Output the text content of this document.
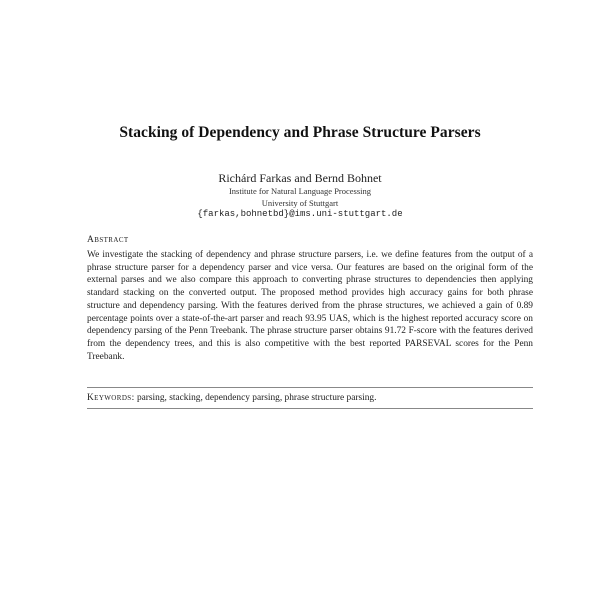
Stacking of Dependency and Phrase Structure Parsers
Richárd Farkas and Bernd Bohnet
Institute for Natural Language Processing
University of Stuttgart
{farkas,bohnetbd}@ims.uni-stuttgart.de
Abstract

We investigate the stacking of dependency and phrase structure parsers, i.e. we define features from the output of a phrase structure parser for a dependency parser and vice versa. Our features are based on the original form of the external parses and we also compare this approach to converting phrase structures to dependencies then applying standard stacking on the converted output. The proposed method provides high accuracy gains for both phrase structure and dependency parsing. With the features derived from the phrase structures, we achieved a gain of 0.89 percentage points over a state-of-the-art parser and reach 93.95 UAS, which is the highest reported accuracy score on dependency parsing of the Penn Treebank. The phrase structure parser obtains 91.72 F-score with the features derived from the dependency trees, and this is also competitive with the best reported PARSEVAL scores for the Penn Treebank.

Keywords: parsing, stacking, dependency parsing, phrase structure parsing.
